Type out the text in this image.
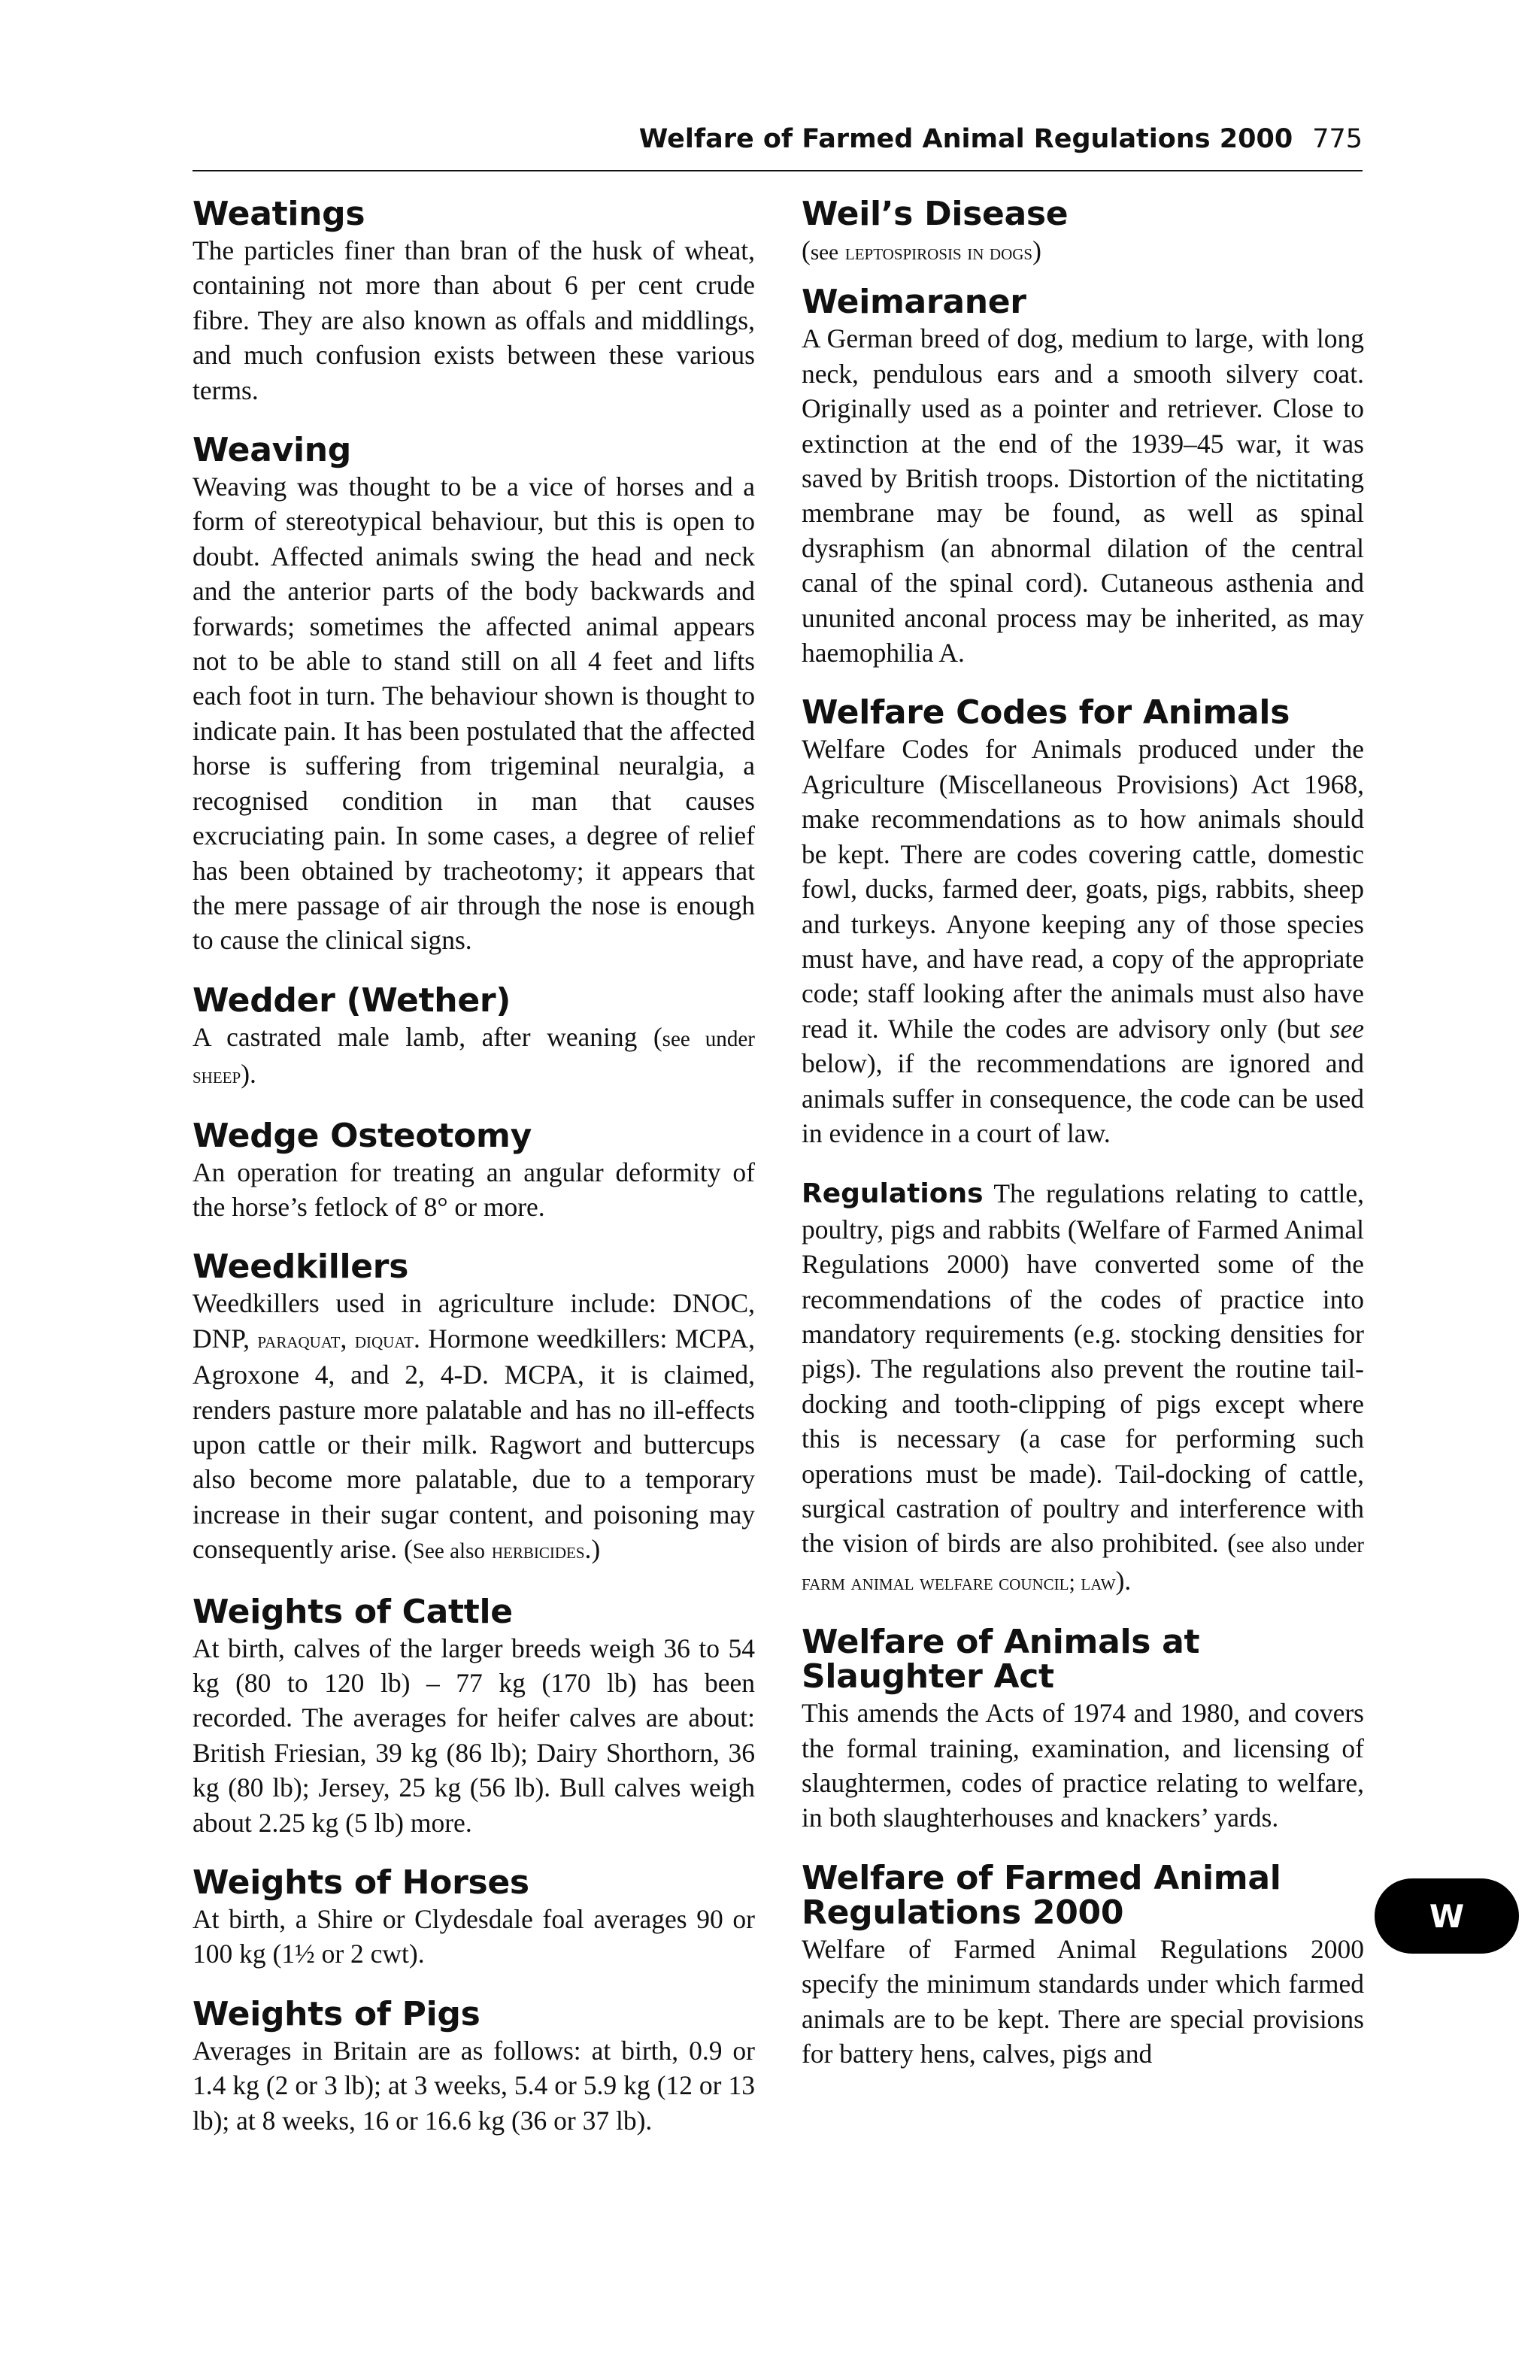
Welfare of Farmed Animal Regulations 2000 775
Weatings

The particles finer than bran of the husk of wheat, containing not more than about 6 per cent crude fibre. They are also known as offals and middlings, and much confusion exists between these various terms.

Weaving

Weaving was thought to be a vice of horses and a form of stereotypical behaviour, but this is open to doubt. Affected animals swing the head and neck and the anterior parts of the body backwards and forwards; sometimes the affected animal appears not to be able to stand still on all 4 feet and lifts each foot in turn. The behaviour shown is thought to indicate pain. It has been postulated that the affected horse is suffering from trigeminal neuralgia, a recognised condition in man that causes excruciating pain. In some cases, a degree of relief has been obtained by tracheotomy; it appears that the mere passage of air through the nose is enough to cause the clinical signs.

Wedder (Wether)

A castrated male lamb, after weaning (see under sheep).

Wedge Osteotomy

An operation for treating an angular deformity of the horse’s fetlock of 8° or more.

Weedkillers

Weedkillers used in agriculture include: DNOC, DNP, paraquat, diquat. Hormone weedkillers: MCPA, Agroxone 4, and 2, 4-D. MCPA, it is claimed, renders pasture more palatable and has no ill-effects upon cattle or their milk. Ragwort and buttercups also become more palatable, due to a temporary increase in their sugar content, and poisoning may consequently arise. (See also herbicides.)

Weights of Cattle

At birth, calves of the larger breeds weigh 36 to 54 kg (80 to 120 lb) – 77 kg (170 lb) has been recorded. The averages for heifer calves are about: British Friesian, 39 kg (86 lb); Dairy Shorthorn, 36 kg (80 lb); Jersey, 25 kg (56 lb). Bull calves weigh about 2.25 kg (5 lb) more.

Weights of Horses

At birth, a Shire or Clydesdale foal averages 90 or 100 kg (1½ or 2 cwt).

Weights of Pigs

Averages in Britain are as follows: at birth, 0.9 or 1.4 kg (2 or 3 lb); at 3 weeks, 5.4 or 5.9 kg (12 or 13 lb); at 8 weeks, 16 or 16.6 kg (36 or 37 lb).

Weil’s Disease

(see leptospirosis in dogs)

Weimaraner

A German breed of dog, medium to large, with long neck, pendulous ears and a smooth silvery coat. Originally used as a pointer and retriever. Close to extinction at the end of the 1939–45 war, it was saved by British troops. Distortion of the nictitating membrane may be found, as well as spinal dysraphism (an abnormal dilation of the central canal of the spinal cord). Cutaneous asthenia and ununited anconal process may be inherited, as may haemophilia A.

Welfare Codes for Animals

Welfare Codes for Animals produced under the Agriculture (Miscellaneous Provisions) Act 1968, make recommendations as to how animals should be kept. There are codes covering cattle, domestic fowl, ducks, farmed deer, goats, pigs, rabbits, sheep and turkeys. Anyone keeping any of those species must have, and have read, a copy of the appropriate code; staff looking after the animals must also have read it. While the codes are advisory only (but see below), if the recommendations are ignored and animals suffer in consequence, the code can be used in evidence in a court of law.

Regulations The regulations relating to cattle, poultry, pigs and rabbits (Welfare of Farmed Animal Regulations 2000) have converted some of the recommendations of the codes of practice into mandatory requirements (e.g. stocking densities for pigs). The regulations also prevent the routine tail-docking and tooth-clipping of pigs except where this is necessary (a case for performing such operations must be made). Tail-docking of cattle, surgical castration of poultry and interference with the vision of birds are also prohibited. (see also under farm animal welfare council; law).

Welfare of Animals at
Slaughter Act

This amends the Acts of 1974 and 1980, and covers the formal training, examination, and licensing of slaughtermen, codes of practice relating to welfare, in both slaughterhouses and knackers’ yards.

Welfare of Farmed Animal
Regulations 2000

Welfare of Farmed Animal Regulations 2000 specify the minimum standards under which farmed animals are to be kept. There are special provisions for battery hens, calves, pigs and

W
